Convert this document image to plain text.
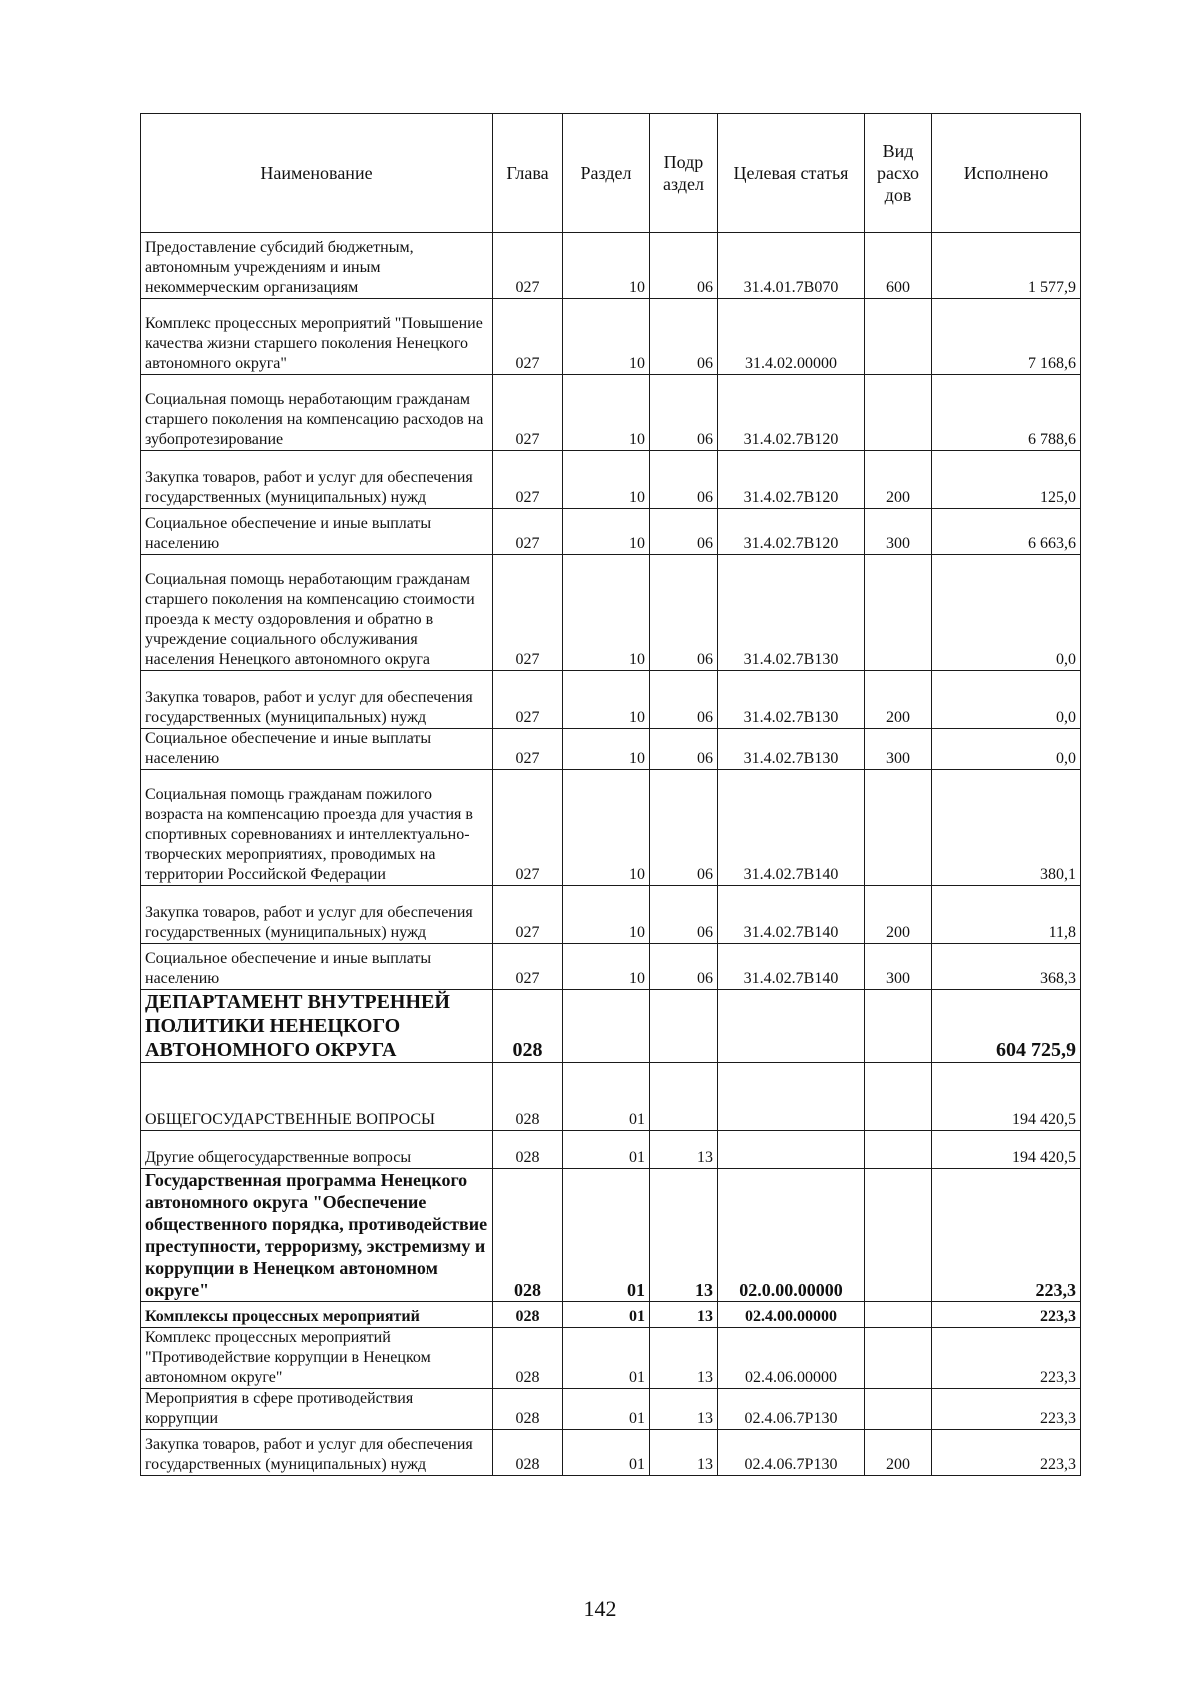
Наименование	Глава	Раздел	Подр аздел	Целевая статья	Вид расхо дов	Исполнено
Предоставление субсидий бюджетным, автономным учреждениям и иным некоммерческим организациям	027	10	06	31.4.01.7В070	600	1 577,9
Комплекс процессных мероприятий "Повышение качества жизни старшего поколения Ненецкого автономного округа"	027	10	06	31.4.02.00000		7 168,6
Социальная помощь неработающим гражданам старшего поколения на компенсацию расходов на зубопротезирование	027	10	06	31.4.02.7В120		6 788,6
Закупка товаров, работ и услуг для обеспечения государственных (муниципальных) нужд	027	10	06	31.4.02.7В120	200	125,0
Социальное обеспечение и иные выплаты населению	027	10	06	31.4.02.7В120	300	6 663,6
Социальная помощь неработающим гражданам старшего поколения на компенсацию стоимости проезда к месту оздоровления и обратно в учреждение социального обслуживания населения Ненецкого автономного округа	027	10	06	31.4.02.7В130		0,0
Закупка товаров, работ и услуг для обеспечения государственных (муниципальных) нужд	027	10	06	31.4.02.7В130	200	0,0
Социальное обеспечение и иные выплаты населению	027	10	06	31.4.02.7В130	300	0,0
Социальная помощь гражданам пожилого возраста на компенсацию проезда для участия в спортивных соревнованиях и интеллектуально-творческих мероприятиях, проводимых на территории Российской Федерации	027	10	06	31.4.02.7В140		380,1
Закупка товаров, работ и услуг для обеспечения государственных (муниципальных) нужд	027	10	06	31.4.02.7В140	200	11,8
Социальное обеспечение и иные выплаты населению	027	10	06	31.4.02.7В140	300	368,3
ДЕПАРТАМЕНТ ВНУТРЕННЕЙ ПОЛИТИКИ НЕНЕЦКОГО АВТОНОМНОГО ОКРУГА	028					604 725,9
ОБЩЕГОСУДАРСТВЕННЫЕ ВОПРОСЫ	028	01				194 420,5
Другие общегосударственные вопросы	028	01	13			194 420,5
Государственная программа Ненецкого автономного округа "Обеспечение общественного порядка, противодействие преступности, терроризму, экстремизму и коррупции в Ненецком автономном округе"	028	01	13	02.0.00.00000		223,3
Комплексы процессных мероприятий	028	01	13	02.4.00.00000		223,3
Комплекс процессных мероприятий "Противодействие коррупции в Ненецком автономном округе"	028	01	13	02.4.06.00000		223,3
Мероприятия в сфере противодействия коррупции	028	01	13	02.4.06.7Р130		223,3
Закупка товаров, работ и услуг для обеспечения государственных (муниципальных) нужд	028	01	13	02.4.06.7Р130	200	223,3
142
